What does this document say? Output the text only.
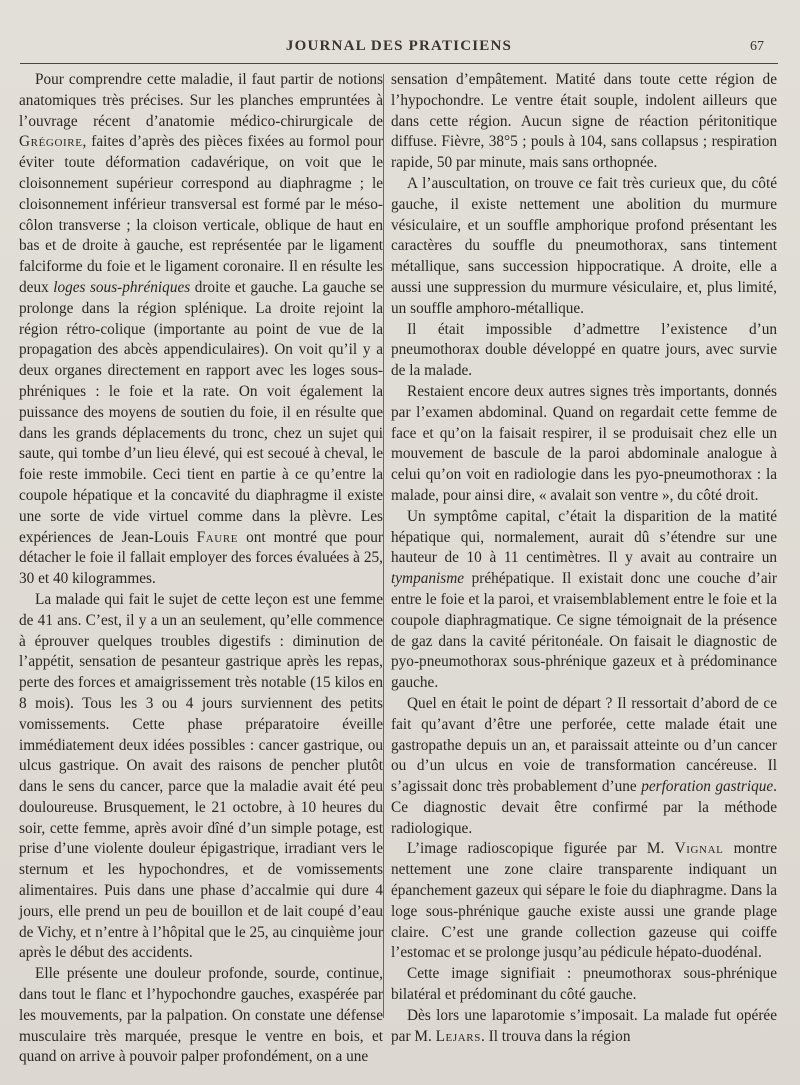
JOURNAL DES PRATICIENS	67

Pour comprendre cette maladie, il faut partir de notions anatomiques très précises. Sur les planches empruntées à l’ouvrage récent d’anatomie médico-chirurgicale de Grégoire, faites d’après des pièces fixées au formol pour éviter toute déformation cadavérique, on voit que le cloisonnement supérieur correspond au diaphragme ; le cloisonnement inférieur transversal est formé par le méso-côlon transverse ; la cloison verticale, oblique de haut en bas et de droite à gauche, est représentée par le ligament falciforme du foie et le ligament coronaire. Il en résulte les deux loges sous-phréniques droite et gauche. La gauche se prolonge dans la région splénique. La droite rejoint la région rétro-colique (importante au point de vue de la propagation des abcès appendiculaires). On voit qu’il y a deux organes directement en rapport avec les loges sous-phréniques : le foie et la rate. On voit également la puissance des moyens de soutien du foie, il en résulte que dans les grands déplacements du tronc, chez un sujet qui saute, qui tombe d’un lieu élevé, qui est secoué à cheval, le foie reste immobile. Ceci tient en partie à ce qu’entre la coupole hépatique et la concavité du diaphragme il existe une sorte de vide virtuel comme dans la plèvre. Les expériences de Jean-Louis Faure ont montré que pour détacher le foie il fallait employer des forces évaluées à 25, 30 et 40 kilogrammes.

La malade qui fait le sujet de cette leçon est une femme de 41 ans. C’est, il y a un an seulement, qu’elle commence à éprouver quelques troubles digestifs : diminution de l’appétit, sensation de pesanteur gastrique après les repas, perte des forces et amaigrissement très notable (15 kilos en 8 mois). Tous les 3 ou 4 jours surviennent des petits vomissements. Cette phase préparatoire éveille immédiatement deux idées possibles : cancer gastrique, ou ulcus gastrique. On avait des raisons de pencher plutôt dans le sens du cancer, parce que la maladie avait été peu douloureuse. Brusquement, le 21 octobre, à 10 heures du soir, cette femme, après avoir dîné d’un simple potage, est prise d’une violente douleur épigastrique, irradiant vers le sternum et les hypochondres, et de vomissements alimentaires. Puis dans une phase d’accalmie qui dure 4 jours, elle prend un peu de bouillon et de lait coupé d’eau de Vichy, et n’entre à l’hôpital que le 25, au cinquième jour après le début des accidents.

Elle présente une douleur profonde, sourde, continue, dans tout le flanc et l’hypochondre gauches, exaspérée par les mouvements, par la palpation. On constate une défense musculaire très marquée, presque le ventre en bois, et quand on arrive à pouvoir palper profondément, on a une

sensation d’empâtement. Matité dans toute cette région de l’hypochondre. Le ventre était souple, indolent ailleurs que dans cette région. Aucun signe de réaction péritonitique diffuse. Fièvre, 38°5 ; pouls à 104, sans collapsus ; respiration rapide, 50 par minute, mais sans orthopnée.

A l’auscultation, on trouve ce fait très curieux que, du côté gauche, il existe nettement une abolition du murmure vésiculaire, et un souffle amphorique profond présentant les caractères du souffle du pneumothorax, sans tintement métallique, sans succession hippocratique. A droite, elle a aussi une suppression du murmure vésiculaire, et, plus limité, un souffle amphoro-métallique.

Il était impossible d’admettre l’existence d’un pneumothorax double développé en quatre jours, avec survie de la malade.

Restaient encore deux autres signes très importants, donnés par l’examen abdominal. Quand on regardait cette femme de face et qu’on la faisait respirer, il se produisait chez elle un mouvement de bascule de la paroi abdominale analogue à celui qu’on voit en radiologie dans les pyo-pneumothorax : la malade, pour ainsi dire, « avalait son ventre », du côté droit.

Un symptôme capital, c’était la disparition de la matité hépatique qui, normalement, aurait dû s’étendre sur une hauteur de 10 à 11 centimètres. Il y avait au contraire un tympanisme préhépatique. Il existait donc une couche d’air entre le foie et la paroi, et vraisemblablement entre le foie et la coupole diaphragmatique. Ce signe témoignait de la présence de gaz dans la cavité péritonéale. On faisait le diagnostic de pyo-pneumothorax sous-phrénique gazeux et à prédominance gauche.

Quel en était le point de départ ? Il ressortait d’abord de ce fait qu’avant d’être une perforée, cette malade était une gastropathe depuis un an, et paraissait atteinte ou d’un cancer ou d’un ulcus en voie de transformation cancéreuse. Il s’agissait donc très probablement d’une perforation gastrique. Ce diagnostic devait être confirmé par la méthode radiologique.

L’image radioscopique figurée par M. Vignal montre nettement une zone claire transparente indiquant un épanchement gazeux qui sépare le foie du diaphragme. Dans la loge sous-phrénique gauche existe aussi une grande plage claire. C’est une grande collection gazeuse qui coiffe l’estomac et se prolonge jusqu’au pédicule hépato-duodénal.

Cette image signifiait : pneumothorax sous-phrénique bilatéral et prédominant du côté gauche.

Dès lors une laparotomie s’imposait. La malade fut opérée par M. Lejars. Il trouva dans la région
